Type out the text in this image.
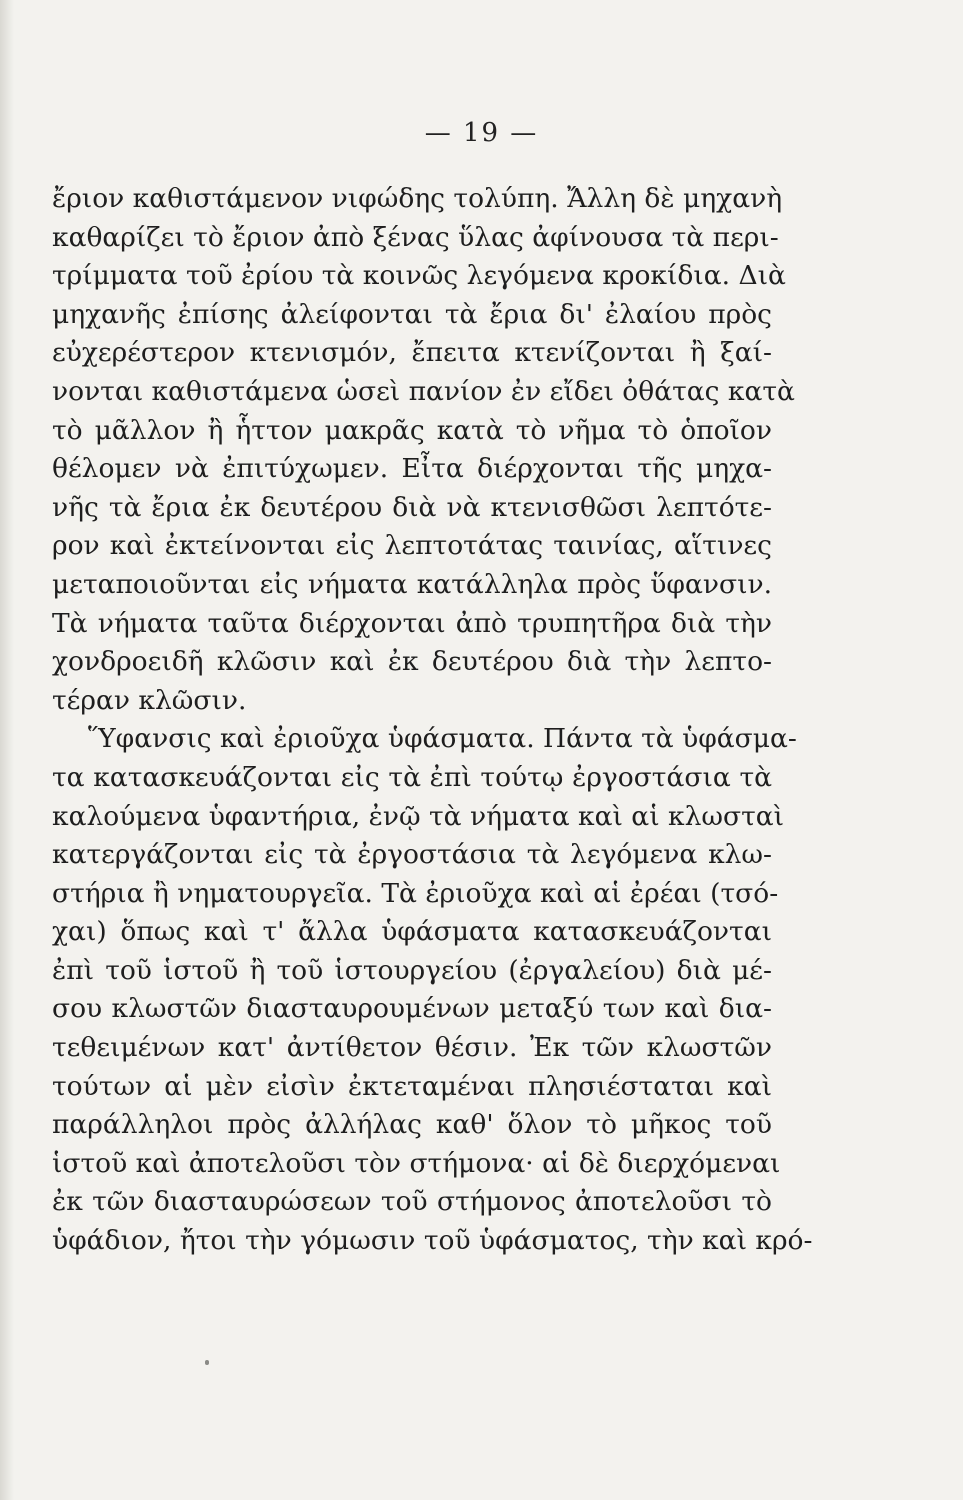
— 19 —
ἔριον καθιστάμενον νιφώδης τολύπη. Ἄλλη δὲ μηχανὴ
καθαρίζει τὸ ἔριον ἀπὸ ξένας ὕλας ἀφίνουσα τὰ περι-
τρίμματα τοῦ ἐρίου τὰ κοινῶς λεγόμενα κροκίδια. Διὰ
μηχανῆς ἐπίσης ἀλείφονται τὰ ἔρια δι' ἐλαίου πρὸς
εὐχερέστερον κτενισμόν, ἔπειτα κτενίζονται ἢ ξαί-
νονται καθιστάμενα ὡσεὶ πανίον ἐν εἴδει ὀθάτας κατὰ
τὸ μᾶλλον ἢ ἧττον μακρᾶς κατὰ τὸ νῆμα τὸ ὁποῖον
θέλομεν νὰ ἐπιτύχωμεν. Εἶτα διέρχονται τῆς μηχα-
νῆς τὰ ἔρια ἐκ δευτέρου διὰ νὰ κτενισθῶσι λεπτότε-
ρον καὶ ἐκτείνονται εἰς λεπτοτάτας ταινίας, αἵτινες
μεταποιοῦνται εἰς νήματα κατάλληλα πρὸς ὕφανσιν.
Τὰ νήματα ταῦτα διέρχονται ἀπὸ τρυπητῆρα διὰ τὴν
χονδροειδῆ κλῶσιν καὶ ἐκ δευτέρου διὰ τὴν λεπτο-
τέραν κλῶσιν.
Ὕφανσις καὶ ἐριοῦχα ὑφάσματα. Πάντα τὰ ὑφάσμα-
τα κατασκευάζονται εἰς τὰ ἐπὶ τούτῳ ἐργοστάσια τὰ
καλούμενα ὑφαντήρια, ἐνῷ τὰ νήματα καὶ αἱ κλωσταὶ
κατεργάζονται εἰς τὰ ἐργοστάσια τὰ λεγόμενα κλω-
στήρια ἢ νηματουργεῖα. Τὰ ἐριοῦχα καὶ αἱ ἐρέαι (τσό-
χαι) ὅπως καὶ τ' ἄλλα ὑφάσματα κατασκευάζονται
ἐπὶ τοῦ ἱστοῦ ἢ τοῦ ἱστουργείου (ἐργαλείου) διὰ μέ-
σου κλωστῶν διασταυρουμένων μεταξύ των καὶ δια-
τεθειμένων κατ' ἀντίθετον θέσιν. Ἐκ τῶν κλωστῶν
τούτων αἱ μὲν εἰσὶν ἐκτεταμέναι πλησιέσταται καὶ
παράλληλοι πρὸς ἀλλήλας καθ' ὅλον τὸ μῆκος τοῦ
ἱστοῦ καὶ ἀποτελοῦσι τὸν στήμονα· αἱ δὲ διερχόμεναι
ἐκ τῶν διασταυρώσεων τοῦ στήμονος ἀποτελοῦσι τὸ
ὑφάδιον, ἤτοι τὴν γόμωσιν τοῦ ὑφάσματος, τὴν καὶ κρό-
